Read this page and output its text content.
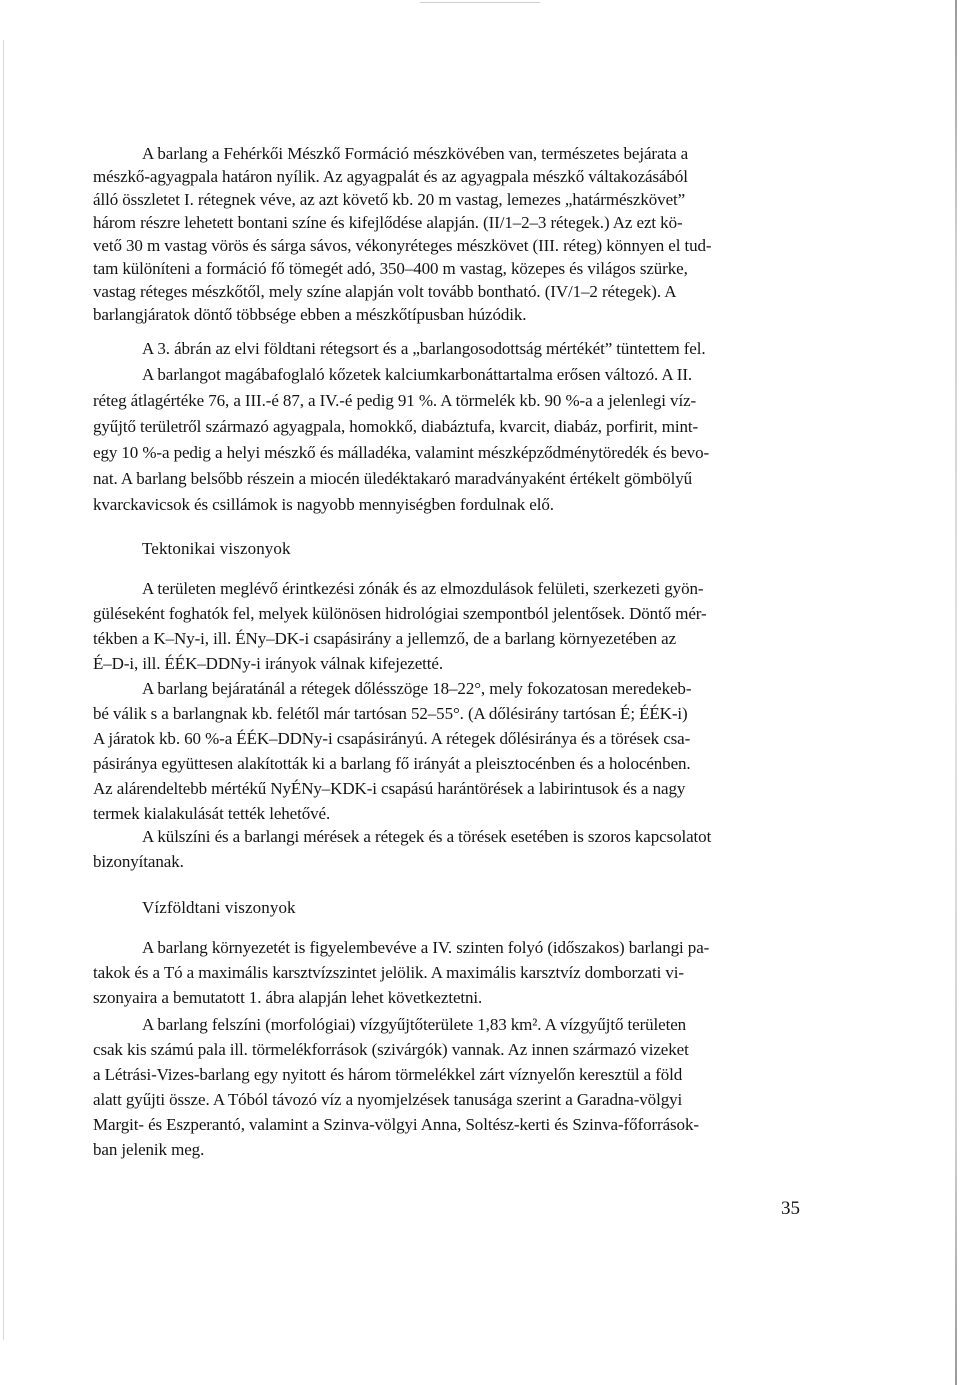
A barlang a Fehérkői Mészkő Formáció mészkövében van, természetes bejárata a
mészkő-agyagpala határon nyílik. Az agyagpalát és az agyagpala mészkő váltakozásából
álló összletet I. rétegnek véve, az azt követő kb. 20 m vastag, lemezes „határmészkövet”
három részre lehetett bontani színe és kifejlődése alapján. (II/1–2–3 rétegek.) Az ezt kö-
vető 30 m vastag vörös és sárga sávos, vékonyréteges mészkövet (III. réteg) könnyen el tud-
tam különíteni a formáció fő tömegét adó, 350–400 m vastag, közepes és világos szürke,
vastag réteges mészkőtől, mely színe alapján volt tovább bontható. (IV/1–2 rétegek). A
barlangjáratok döntő többsége ebben a mészkőtípusban húzódik.
A 3. ábrán az elvi földtani rétegsort és a „barlangosodottság mértékét” tüntettem fel.
A barlangot magábafoglaló kőzetek kalciumkarbonáttartalma erősen változó. A II.
réteg átlagértéke 76, a III.-é 87, a IV.-é pedig 91 %. A törmelék kb. 90 %-a a jelenlegi víz-
gyűjtő területről származó agyagpala, homokkő, diabáztufa, kvarcit, diabáz, porfirit, mint-
egy 10 %-a pedig a helyi mészkő és málladéka, valamint mészképződménytöredék és bevo-
nat. A barlang belsőbb részein a miocén üledéktakaró maradványaként értékelt gömbölyű
kvarckavicsok és csillámok is nagyobb mennyiségben fordulnak elő.
Tektonikai viszonyok
A területen meglévő érintkezési zónák és az elmozdulások felületi, szerkezeti gyön-
güléseként foghatók fel, melyek különösen hidrológiai szempontból jelentősek. Döntő mér-
tékben a K–Ny-i, ill. ÉNy–DK-i csapásirány a jellemző, de a barlang környezetében az
É–D-i, ill. ÉÉK–DDNy-i irányok válnak kifejezetté.
A barlang bejáratánál a rétegek dőlésszöge 18–22°, mely fokozatosan meredekeb-
bé válik s a barlangnak kb. felétől már tartósan 52–55°. (A dőlésirány tartósan É; ÉÉK-i)
A járatok kb. 60 %-a ÉÉK–DDNy-i csapásirányú. A rétegek dőlésiránya és a törések csa-
pásiránya együttesen alakították ki a barlang fő irányát a pleisztocénben és a holocénben.
Az alárendeltebb mértékű NyÉNy–KDK-i csapású harántörések a labirintusok és a nagy
termek kialakulását tették lehetővé.
A külszíni és a barlangi mérések a rétegek és a törések esetében is szoros kapcsolatot
bizonyítanak.
Vízföldtani viszonyok
A barlang környezetét is figyelembevéve a IV. szinten folyó (időszakos) barlangi pa-
takok és a Tó a maximális karsztvízszintet jelölik. A maximális karsztvíz domborzati vi-
szonyaira a bemutatott 1. ábra alapján lehet következtetni.
A barlang felszíni (morfológiai) vízgyűjtőterülete 1,83 km². A vízgyűjtő területen
csak kis számú pala ill. törmelékforrások (szivárgók) vannak. Az innen származó vizeket
a Létrási-Vizes-barlang egy nyitott és három törmelékkel zárt víznyelőn keresztül a föld
alatt gyűjti össze. A Tóból távozó víz a nyomjelzések tanusága szerint a Garadna-völgyi
Margit- és Eszperantó, valamint a Szinva-völgyi Anna, Soltész-kerti és Szinva-főforrások-
ban jelenik meg.
35
